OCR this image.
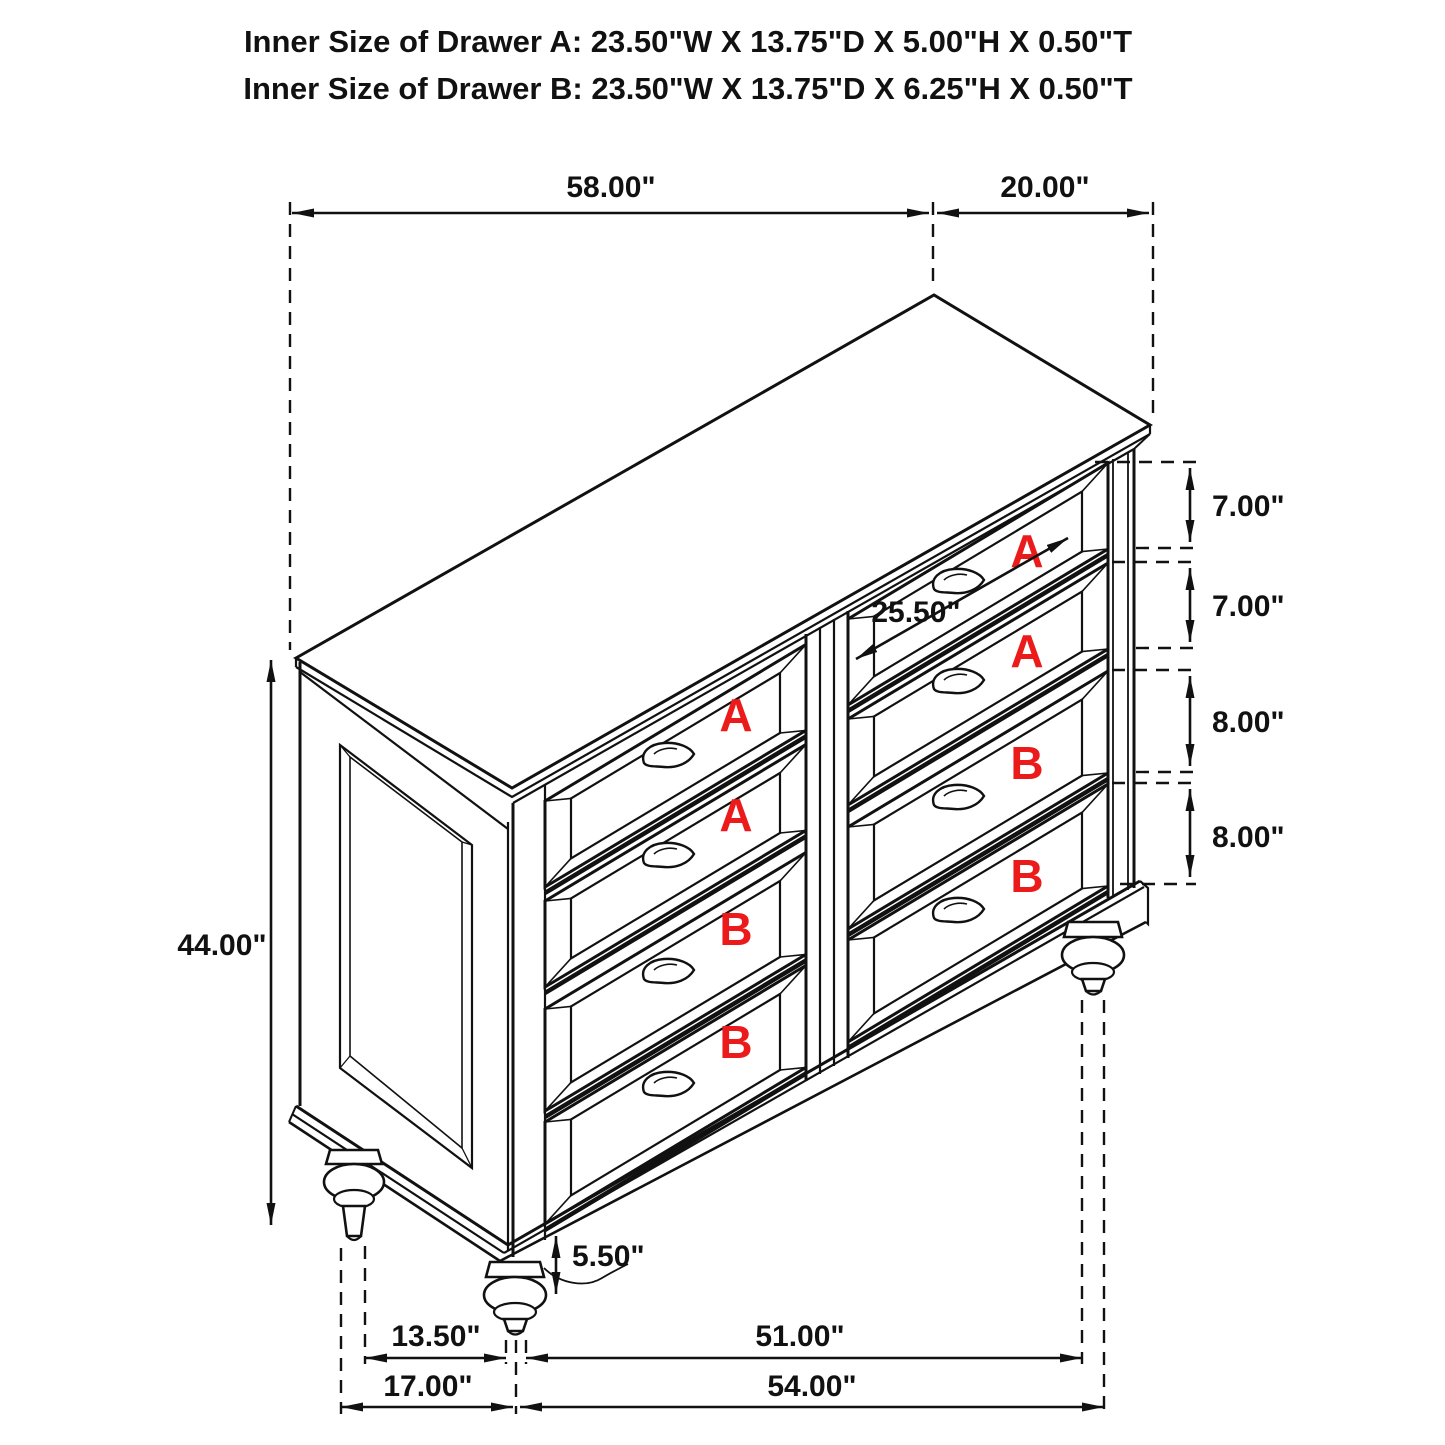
A
A
B
B
A
A
B
B
58.00"	20.00"
44.00"
7.00"
7.00"
8.00"
8.00"
25.50"
5.50"
13.50"	51.00"
17.00"	54.00"
Inner Size of Drawer A: 23.50"W X 13.75"D X 5.00"H X 0.50"T
Inner Size of Drawer B: 23.50"W X 13.75"D X 6.25"H X 0.50"T
